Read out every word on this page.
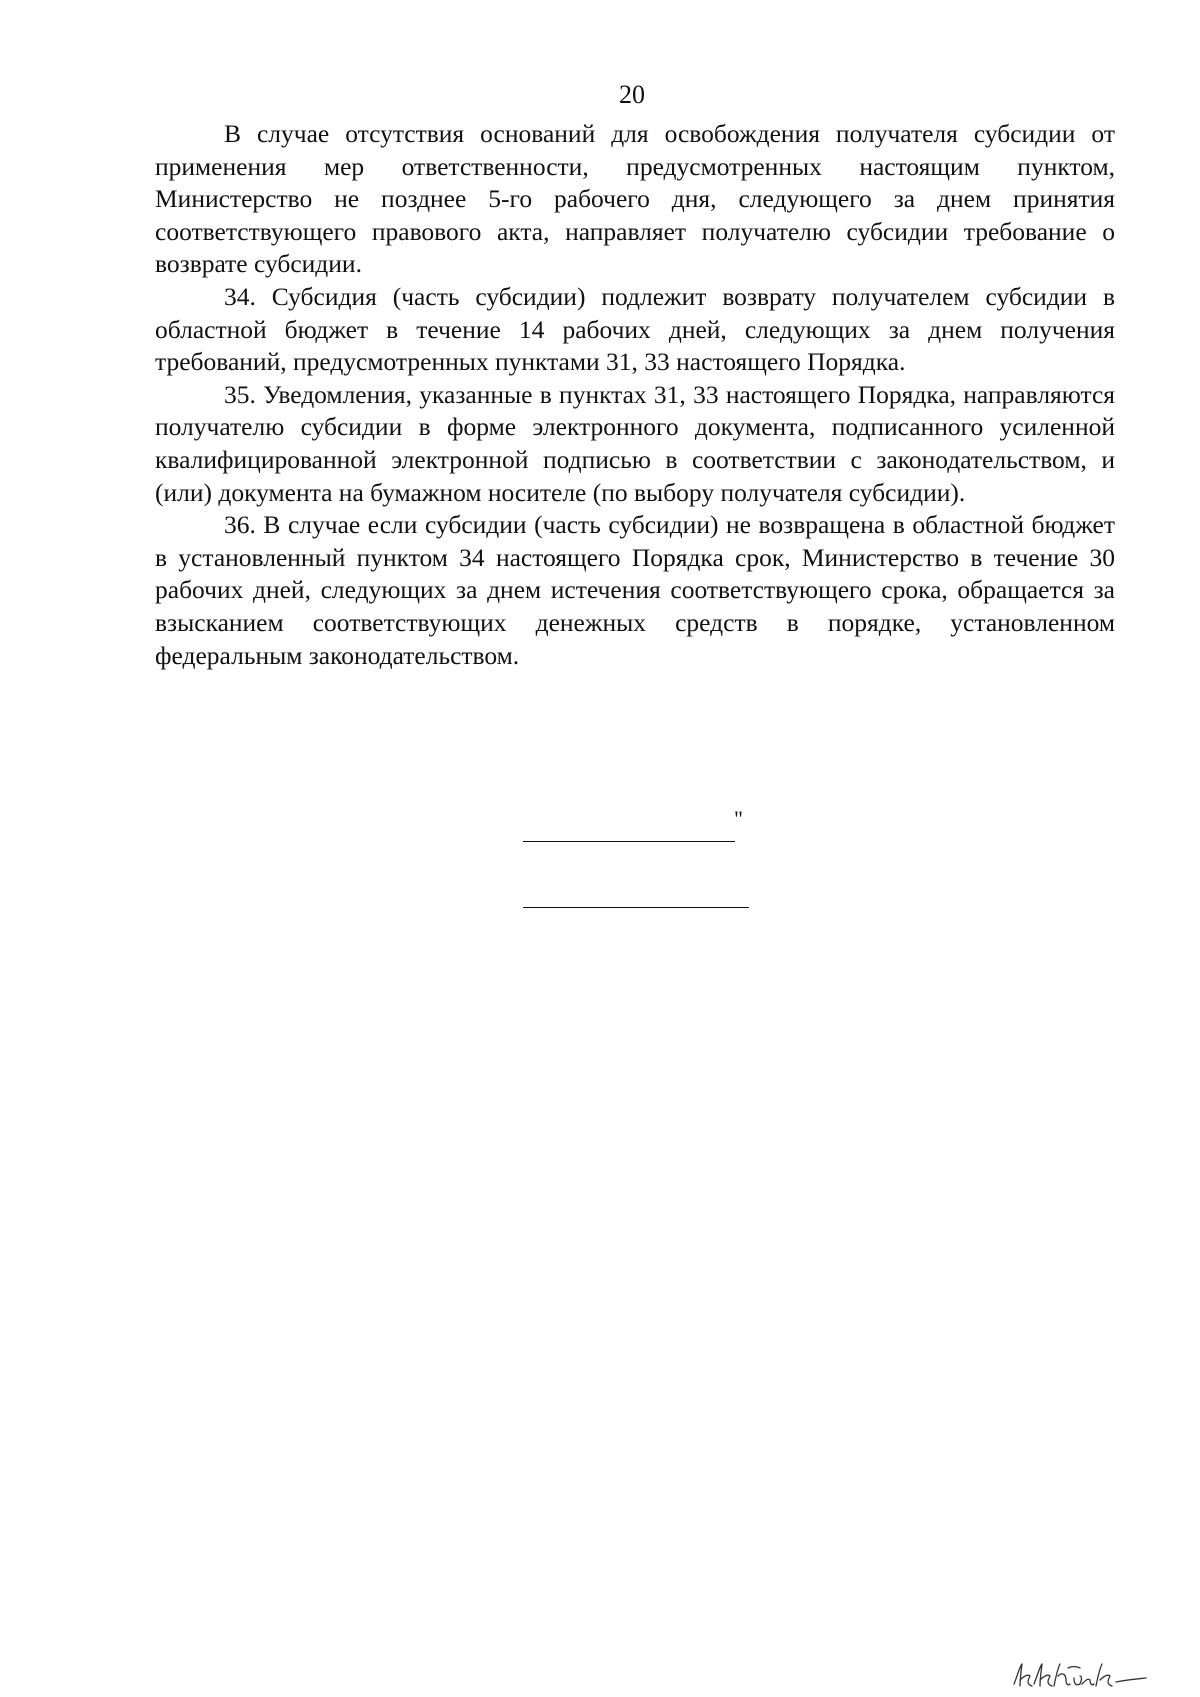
20

В случае отсутствия оснований для освобождения получателя субсидии от применения мер ответственности, предусмотренных настоящим пунктом, Министерство не позднее 5-го рабочего дня, следующего за днем принятия соответствующего правового акта, направляет получателю субсидии требование о возврате субсидии.

34. Субсидия (часть субсидии) подлежит возврату получателем субсидии в областной бюджет в течение 14 рабочих дней, следующих за днем получения требований, предусмотренных пунктами 31, 33 настоящего Порядка.

35. Уведомления, указанные в пунктах 31, 33 настоящего Порядка, направляются получателю субсидии в форме электронного документа, подписанного усиленной квалифицированной электронной подписью в соответствии с законодательством, и (или) документа на бумажном носителе (по выбору получателя субсидии).

36. В случае если субсидии (часть субсидии) не возвращена в областной бюджет в установленный пунктом 34 настоящего Порядка срок, Министерство в течение 30 рабочих дней, следующих за днем истечения соответствующего срока, обращается за взысканием соответствующих денежных средств в порядке, установленном федеральным законодательством.

"
